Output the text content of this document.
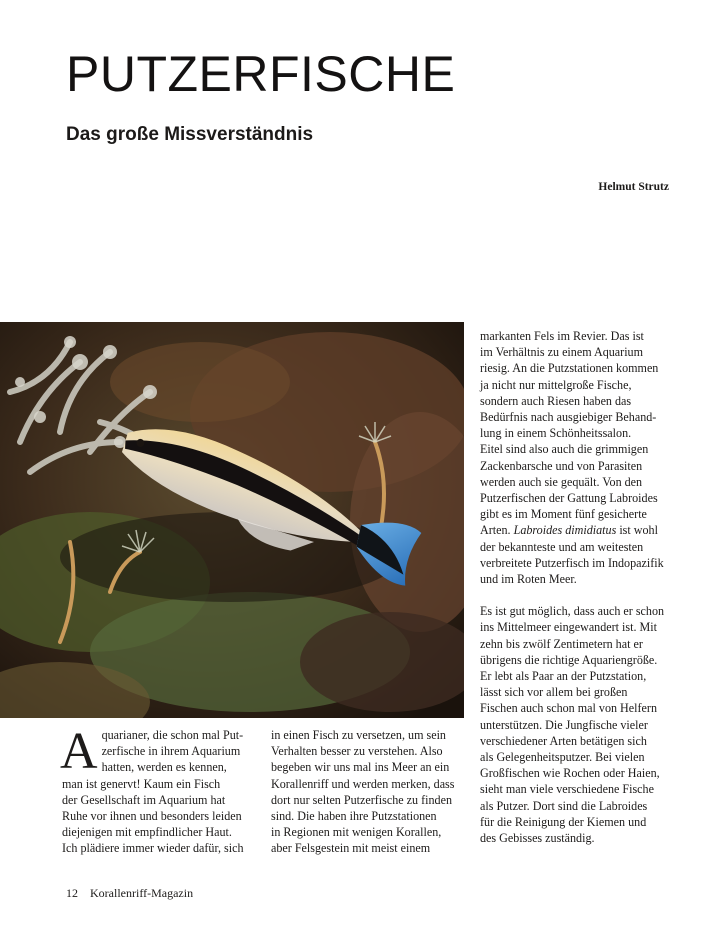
PUTZERFISCHE
Das große Missverständnis
Helmut Strutz
A quarianer, die schon mal Put-

zerfische in ihrem Aquarium

hatten, werden es kennen,

man ist genervt! Kaum ein Fisch

der Gesellschaft im Aquarium hat

Ruhe vor ihnen und besonders leiden

diejenigen mit empfindlicher Haut.

Ich plädiere immer wieder dafür, sich

in einen Fisch zu versetzen, um sein

Verhalten besser zu verstehen. Also

begeben wir uns mal ins Meer an ein

Korallenriff und werden merken, dass

dort nur selten Putzerfische zu finden

sind. Die haben ihre Putzstationen

in Regionen mit wenigen Korallen,

aber Felsgestein mit meist einem

markanten Fels im Revier. Das ist

im Verhältnis zu einem Aquarium

riesig. An die Putzstationen kommen

ja nicht nur mittelgroße Fische,

sondern auch Riesen haben das

Bedürfnis nach ausgiebiger Behand-

lung in einem Schönheitssalon.

Eitel sind also auch die grimmigen

Zackenbarsche und von Parasiten

werden auch sie gequält. Von den

Putzerfischen der Gattung Labroides

gibt es im Moment fünf gesicherte

Arten. Labroides dimidiatus ist wohl

der bekannteste und am weitesten

verbreitete Putzerfisch im Indopazifik

und im Roten Meer.

Es ist gut möglich, dass auch er schon

ins Mittelmeer eingewandert ist. Mit

zehn bis zwölf Zentimetern hat er

übrigens die richtige Aquariengröße.

Er lebt als Paar an der Putzstation,

lässt sich vor allem bei großen

Fischen auch schon mal von Helfern

unterstützen. Die Jungfische vieler

verschiedener Arten betätigen sich

als Gelegenheitsputzer. Bei vielen

Großfischen wie Rochen oder Haien,

sieht man viele verschiedene Fische

als Putzer. Dort sind die Labroides

für die Reinigung der Kiemen und

des Gebisses zuständig.

12 Korallenriff-Magazin
